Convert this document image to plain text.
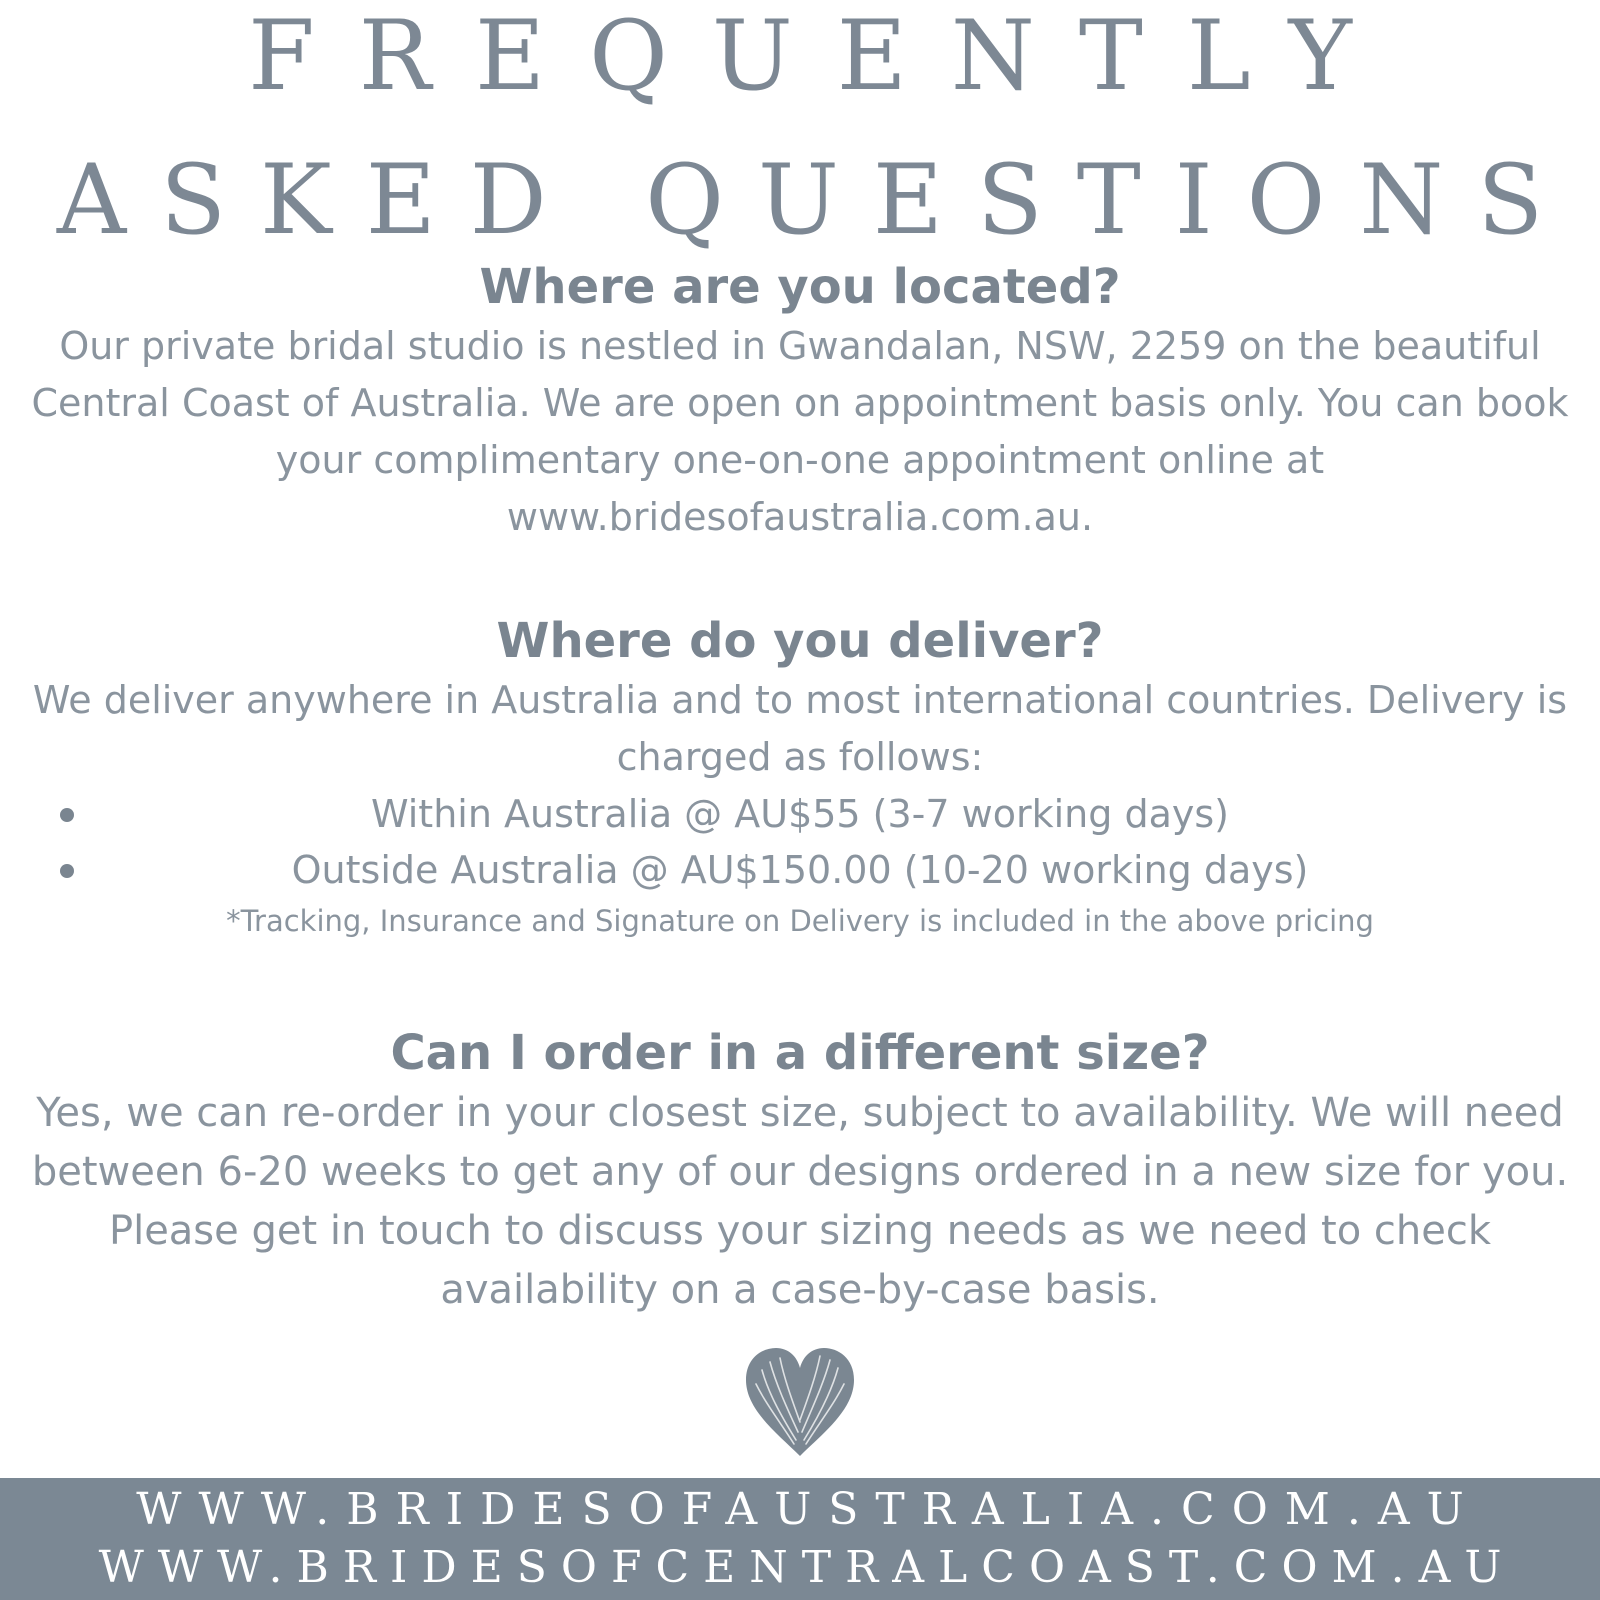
FREQUENTLY
ASKED QUESTIONS
Where are you located?

Our private bridal studio is nestled in Gwandalan, NSW, 2259 on the beautiful Central Coast of Australia. We are open on appointment basis only. You can book your complimentary one-on-one appointment online at www.bridesofaustralia.com.au.

Where do you deliver?

We deliver anywhere in Australia and to most international countries. Delivery is charged as follows:

Within Australia @ AU$55 (3-7 working days)
Outside Australia @ AU$150.00 (10-20 working days)

*Tracking, Insurance and Signature on Delivery is included in the above pricing

Can I order in a different size?

Yes, we can re-order in your closest size, subject to availability. We will need between 6-20 weeks to get any of our designs ordered in a new size for you. Please get in touch to discuss your sizing needs as we need to check availability on a case-by-case basis.

WWW.BRIDESOFAUSTRALIA.COM.AU

WWW.BRIDESOFCENTRALCOAST.COM.AU
